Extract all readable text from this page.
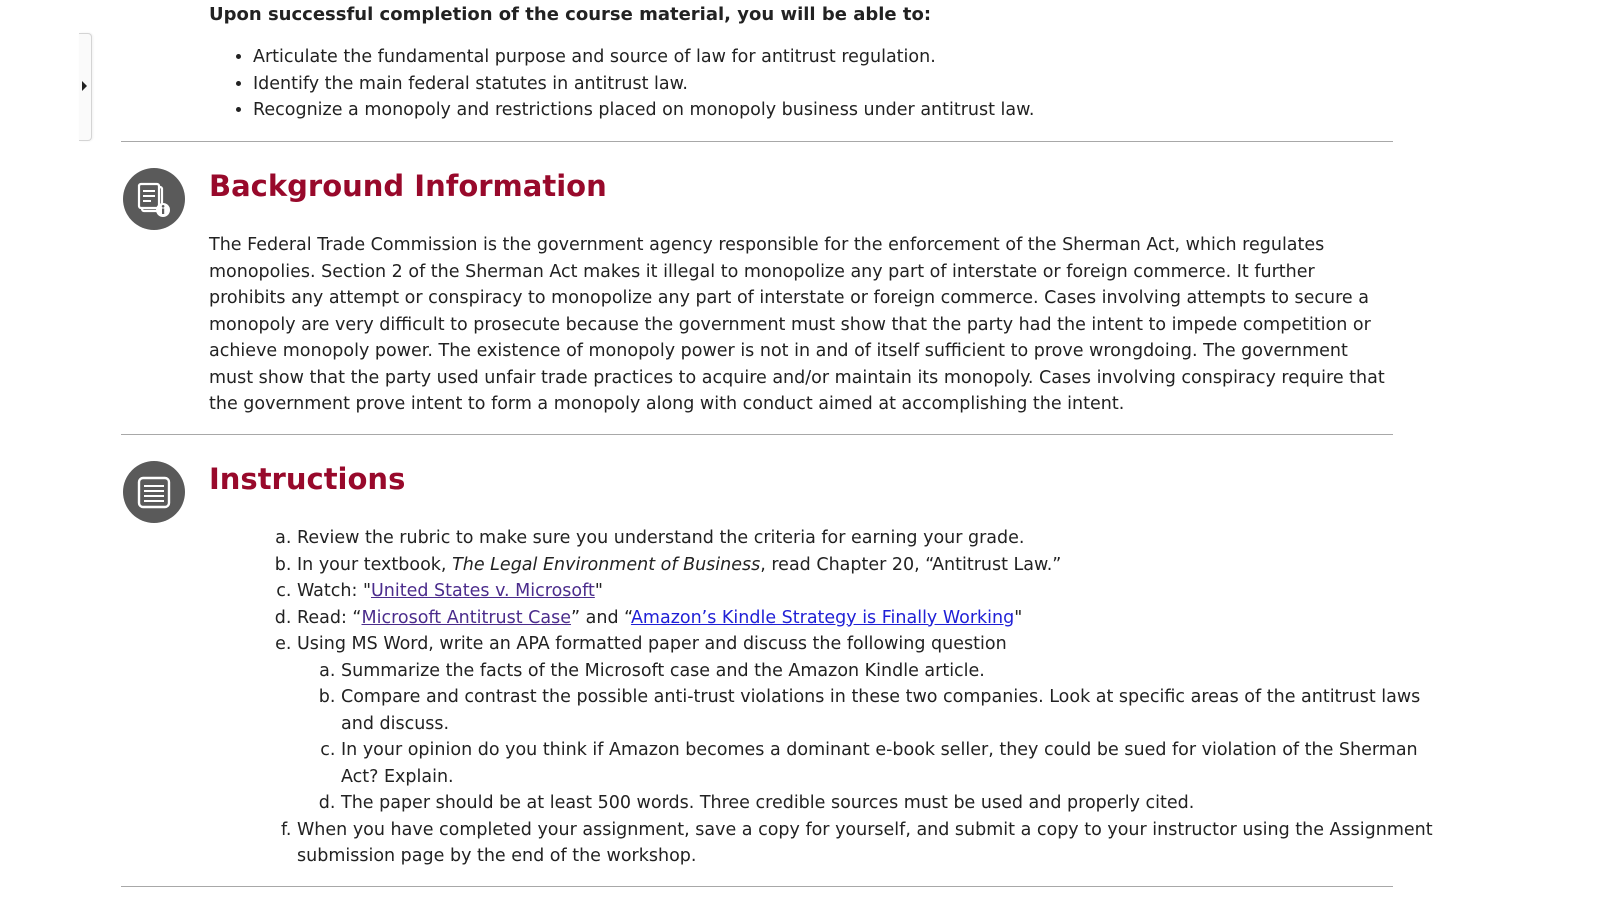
Upon successful completion of the course material, you will be able to:

• Articulate the fundamental purpose and source of law for antitrust regulation.
• Identify the main federal statutes in antitrust law.
• Recognize a monopoly and restrictions placed on monopoly business under antitrust law.
Background Information

The Federal Trade Commission is the government agency responsible for the enforcement of the Sherman Act, which regulates monopolies. Section 2 of the Sherman Act makes it illegal to monopolize any part of interstate or foreign commerce. It further prohibits any attempt or conspiracy to monopolize any part of interstate or foreign commerce. Cases involving attempts to secure a monopoly are very difficult to prosecute because the government must show that the party had the intent to impede competition or achieve monopoly power. The existence of monopoly power is not in and of itself sufficient to prove wrongdoing. The government must show that the party used unfair trade practices to acquire and/or maintain its monopoly. Cases involving conspiracy require that the government prove intent to form a monopoly along with conduct aimed at accomplishing the intent.

Instructions
a. Review the rubric to make sure you understand the criteria for earning your grade.
b. In your textbook, The Legal Environment of Business, read Chapter 20, “Antitrust Law.”
c. Watch: "United States v. Microsoft"
d. Read: “Microsoft Antitrust Case” and “Amazon’s Kindle Strategy is Finally Working"
e. Using MS Word, write an APA formatted paper and discuss the following question
a. Summarize the facts of the Microsoft case and the Amazon Kindle article.
b. Compare and contrast the possible anti-trust violations in these two companies. Look at specific areas of the antitrust laws and discuss.
c. In your opinion do you think if Amazon becomes a dominant e-book seller, they could be sued for violation of the Sherman Act? Explain.
d. The paper should be at least 500 words. Three credible sources must be used and properly cited.
f. When you have completed your assignment, save a copy for yourself, and submit a copy to your instructor using the Assignment submission page by the end of the workshop.
